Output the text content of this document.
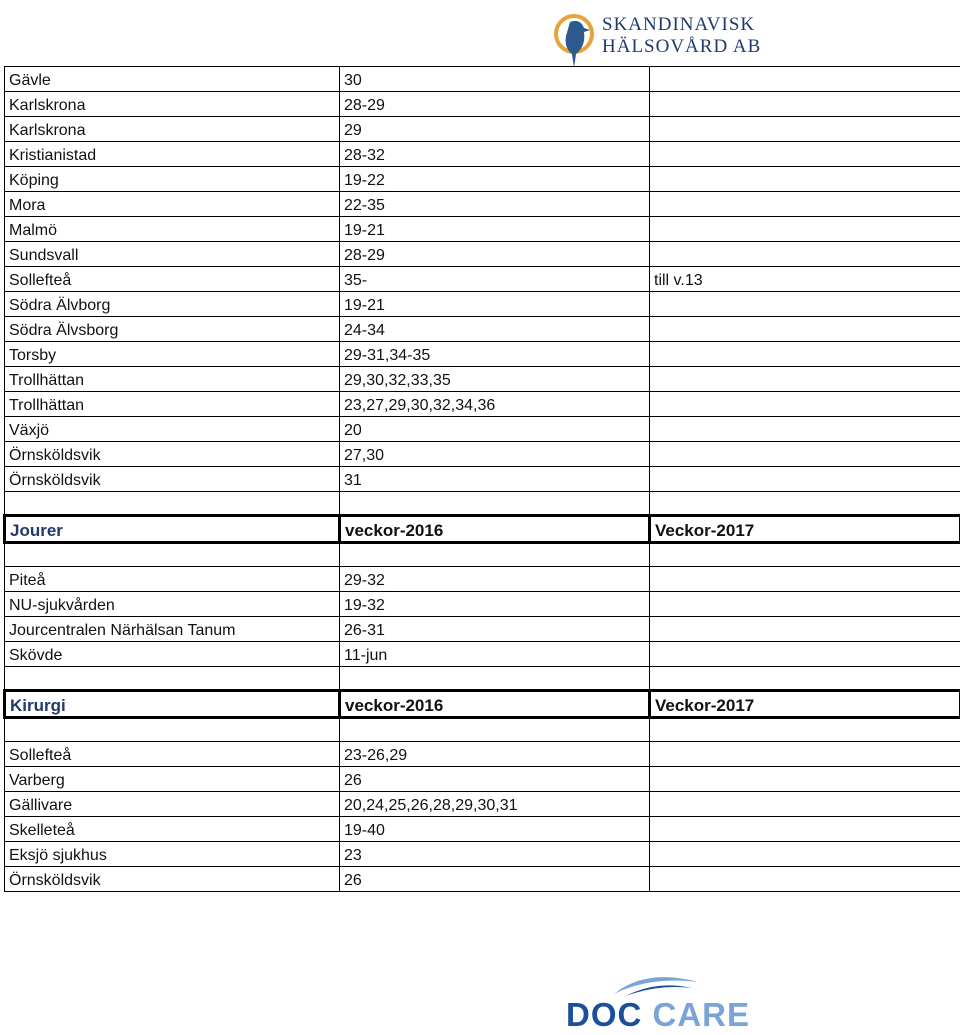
SKANDINAVISK
HÄLSOVÅRD AB
Gävle	30	
Karlskrona	28-29	
Karlskrona	29	
Kristianistad	28-32	
Köping	19-22	
Mora	22-35	
Malmö	19-21	
Sundsvall	28-29	
Sollefteå	35-	till v.13
Södra Älvborg	19-21	
Södra Älvsborg	24-34	
Torsby	29-31,34-35	
Trollhättan	29,30,32,33,35	
Trollhättan	23,27,29,30,32,34,36	
Växjö	20	
Örnsköldsvik	27,30	
Örnsköldsvik	31	

Jourer	veckor-2016	Veckor-2017

Piteå	29-32	
NU-sjukvården	19-32	
Jourcentralen Närhälsan Tanum	26-31	
Skövde	11-jun	

Kirurgi	veckor-2016	Veckor-2017

Sollefteå	23-26,29	
Varberg	26	
Gällivare	20,24,25,26,28,29,30,31	
Skelleteå	19-40	
Eksjö sjukhus	23	
Örnsköldsvik	26	
DOC CARE
